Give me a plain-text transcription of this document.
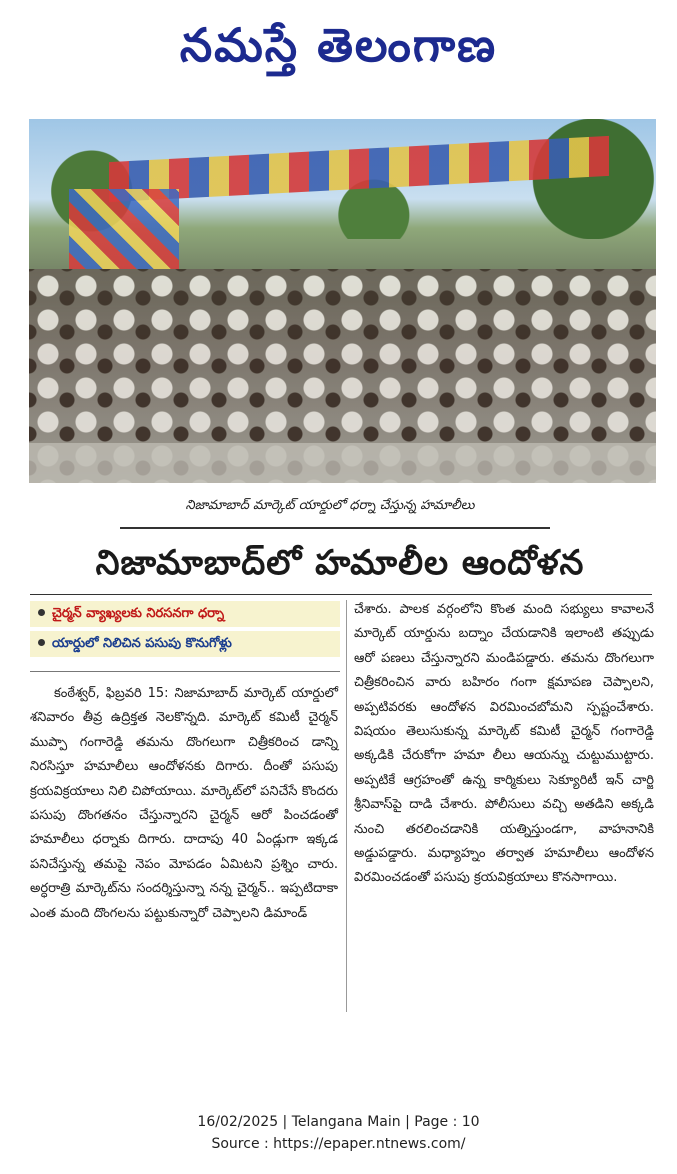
నమస్తే తెలంగాణ
నిజామాబాద్ మార్కెట్ యార్డులో ధర్నా చేస్తున్న హమాలీలు
నిజామాబాద్‌లో హమాలీల ఆందోళన
చైర్మన్ వ్యాఖ్యలకు నిరసనగా ధర్నా
యార్డులో నిలిచిన పసుపు కొనుగోళ్లు
కంఠేశ్వర్, ఫిబ్రవరి 15: నిజామాబాద్ మార్కెట్ యార్డులో శనివారం తీవ్ర ఉద్రిక్తత నెలకొన్నది. మార్కెట్ కమిటీ చైర్మన్ ముప్పా గంగారెడ్డి తమను దొంగలుగా చిత్రీకరించ డాన్ని నిరసిస్తూ హమాలీలు ఆందోళనకు దిగారు. దీంతో పసుపు క్రయవిక్రయాలు నిలి చిపోయాయి. మార్కెట్‌లో పనిచేసే కొందరు పసుపు దొంగతనం చేస్తున్నారని చైర్మన్ ఆరో పించడంతో హమాలీలు ధర్నాకు దిగారు. దాదాపు 40 ఏండ్లుగా ఇక్కడ పనిచేస్తున్న తమపై నెపం మోపడం ఏమిటని ప్రశ్నిం చారు. అర్ధరాత్రి మార్కెట్‌ను సందర్శిస్తున్నా నన్న చైర్మన్.. ఇప్పటిదాకా ఎంత మంది దొంగలను పట్టుకున్నారో చెప్పాలని డిమాండ్
చేశారు. పాలక వర్గంలోని కొంత మంది సభ్యులు కావాలనే మార్కెట్ యార్డును బద్నాం చేయడానికి ఇలాంటి తప్పుడు ఆరో పణలు చేస్తున్నారని మండిపడ్డారు. తమను దొంగలుగా చిత్రీకరించిన వారు బహిరం గంగా క్షమాపణ చెప్పాలని, అప్పటివరకు ఆందోళన విరమించబోమని స్పష్టంచేశారు. విషయం తెలుసుకున్న మార్కెట్ కమిటీ చైర్మన్ గంగారెడ్డి అక్కడికి చేరుకోగా హమా లీలు ఆయన్ను చుట్టుముట్టారు. అప్పటికే ఆగ్రహంతో ఉన్న కార్మికులు సెక్యూరిటీ ఇన్ చార్జి శ్రీనివాస్‌పై దాడి చేశారు. పోలీసులు వచ్చి అతడిని అక్కడి నుంచి తరలించడానికి యత్నిస్తుండగా, వాహనానికి అడ్డుపడ్డారు. మధ్యాహ్నం తర్వాత హమాలీలు ఆందోళన విరమించడంతో పసుపు క్రయవిక్రయాలు కొనసాగాయి.
16/02/2025 | Telangana Main | Page : 10
Source : https://epaper.ntnews.com/
